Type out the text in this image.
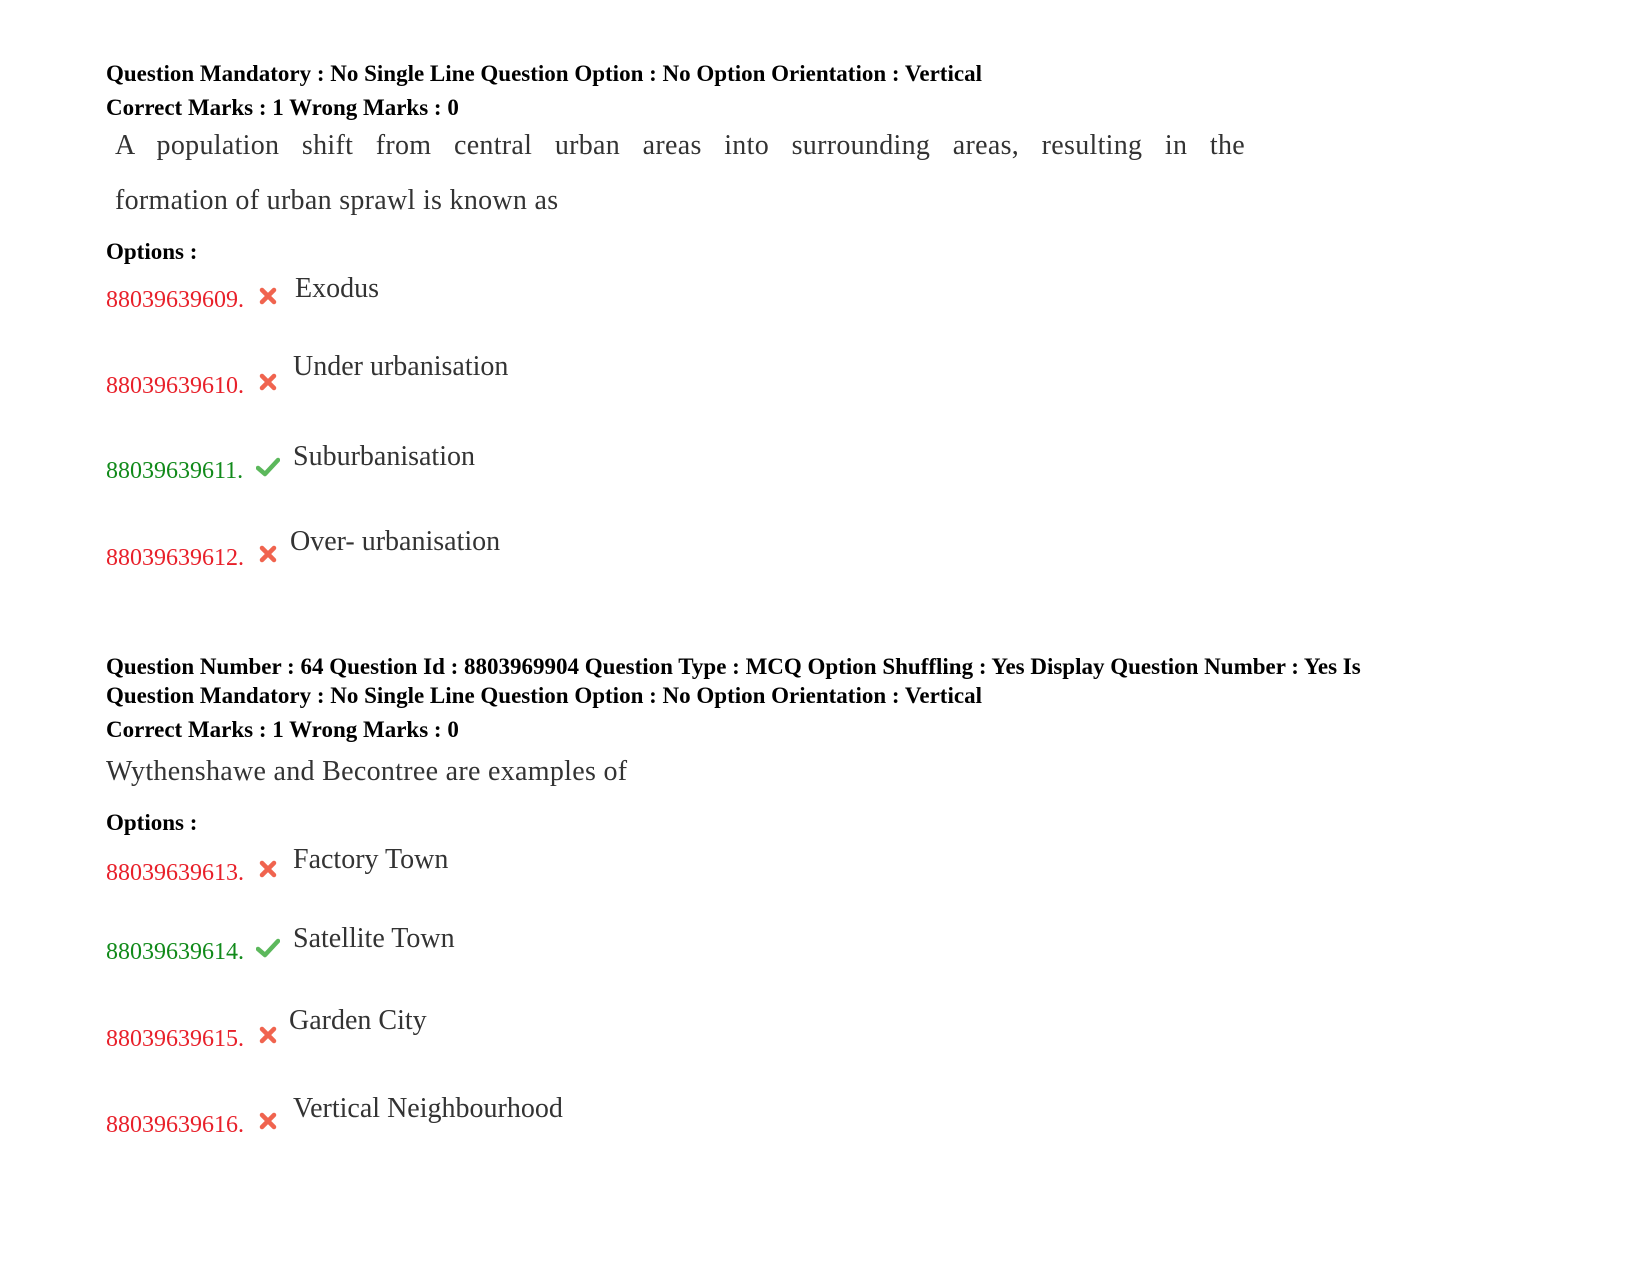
Question Mandatory : No Single Line Question Option : No Option Orientation : Vertical
Correct Marks : 1 Wrong Marks : 0
A population shift from central urban areas into surrounding areas, resulting in the
formation of urban sprawl is known as
Options :
88039639609. Exodus
88039639610.
Under urbanisation
88039639611. Suburbanisation
88039639612.
Over- urbanisation
Question Number : 64 Question Id : 8803969904 Question Type : MCQ Option Shuffling : Yes Display Question Number : Yes Is
Question Mandatory : No Single Line Question Option : No Option Orientation : Vertical
Correct Marks : 1 Wrong Marks : 0
Wythenshawe and Becontree are examples of
Options :
88039639613. Factory Town
88039639614. Satellite Town
88039639615.
Garden City
88039639616.
Vertical Neighbourhood
